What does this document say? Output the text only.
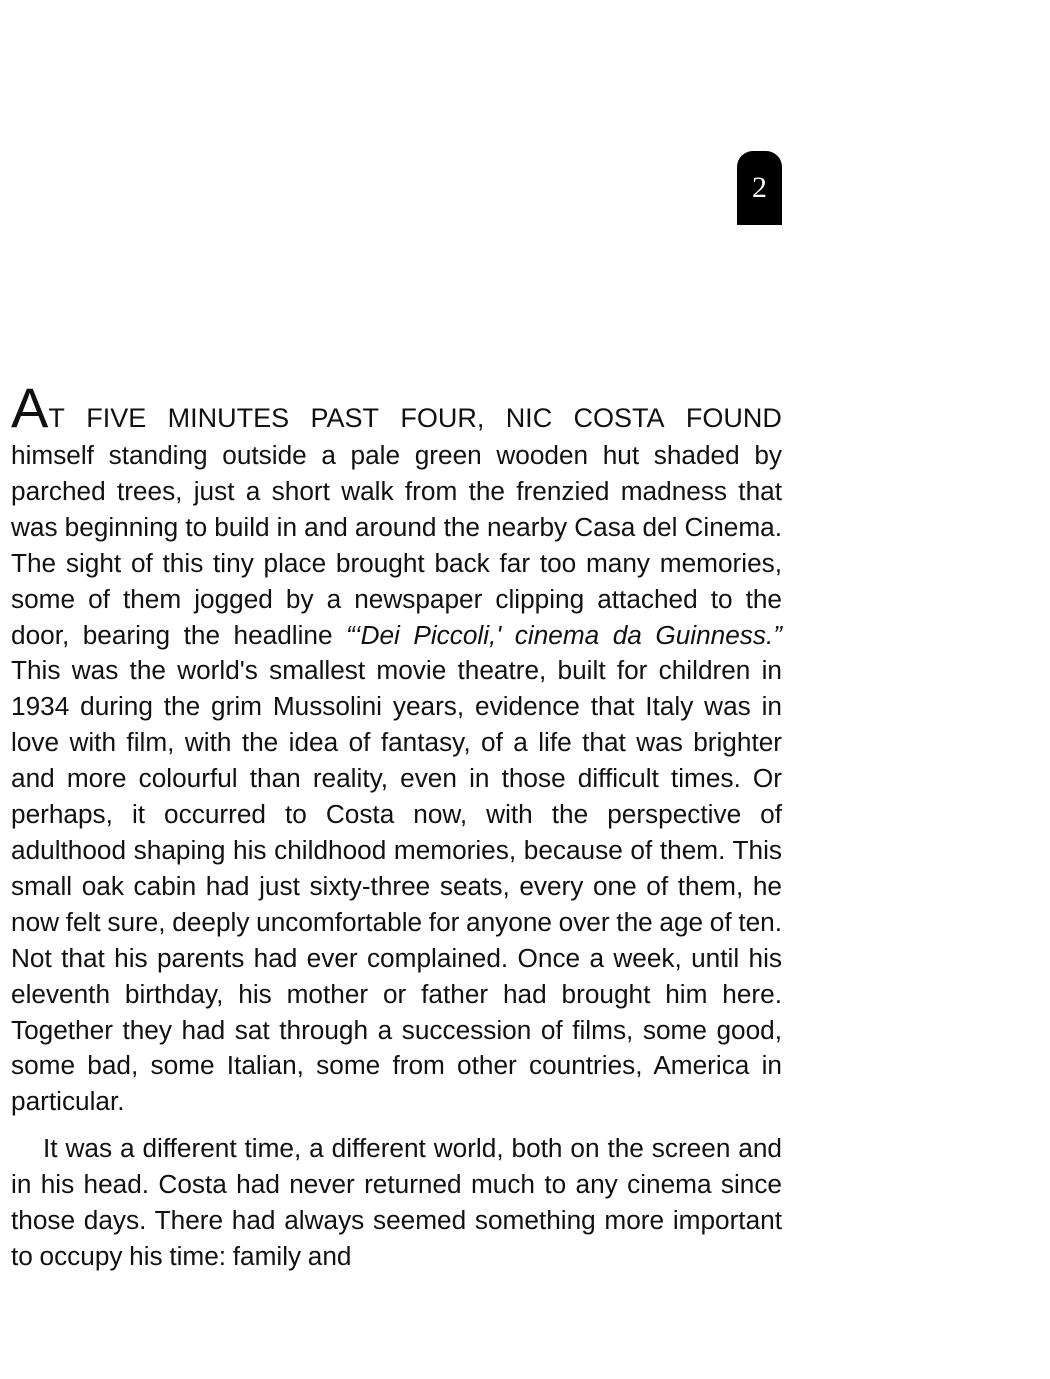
2
AT FIVE MINUTES PAST FOUR, NIC COSTA FOUND

himself standing outside a pale green wooden hut shaded by parched trees, just a short walk from the frenzied madness that was beginning to build in and around the nearby Casa del Cinema. The sight of this tiny place brought back far too many memories, some of them jogged by a newspaper clipping attached to the door, bearing the headline “‘Dei Piccoli,' cinema da Guinness.” This was the world's smallest movie theatre, built for children in 1934 during the grim Mussolini years, evidence that Italy was in love with film, with the idea of fantasy, of a life that was brighter and more colourful than reality, even in those difficult times. Or perhaps, it occurred to Costa now, with the perspective of adulthood shaping his childhood memories, because of them. This small oak cabin had just sixty-three seats, every one of them, he now felt sure, deeply uncomfortable for anyone over the age of ten. Not that his parents had ever complained. Once a week, until his eleventh birthday, his mother or father had brought him here. Together they had sat through a succession of films, some good, some bad, some Italian, some from other countries, America in particular.

It was a different time, a different world, both on the screen and in his head. Costa had never returned much to any cinema since those days. There had always seemed something more important to occupy his time: family and
